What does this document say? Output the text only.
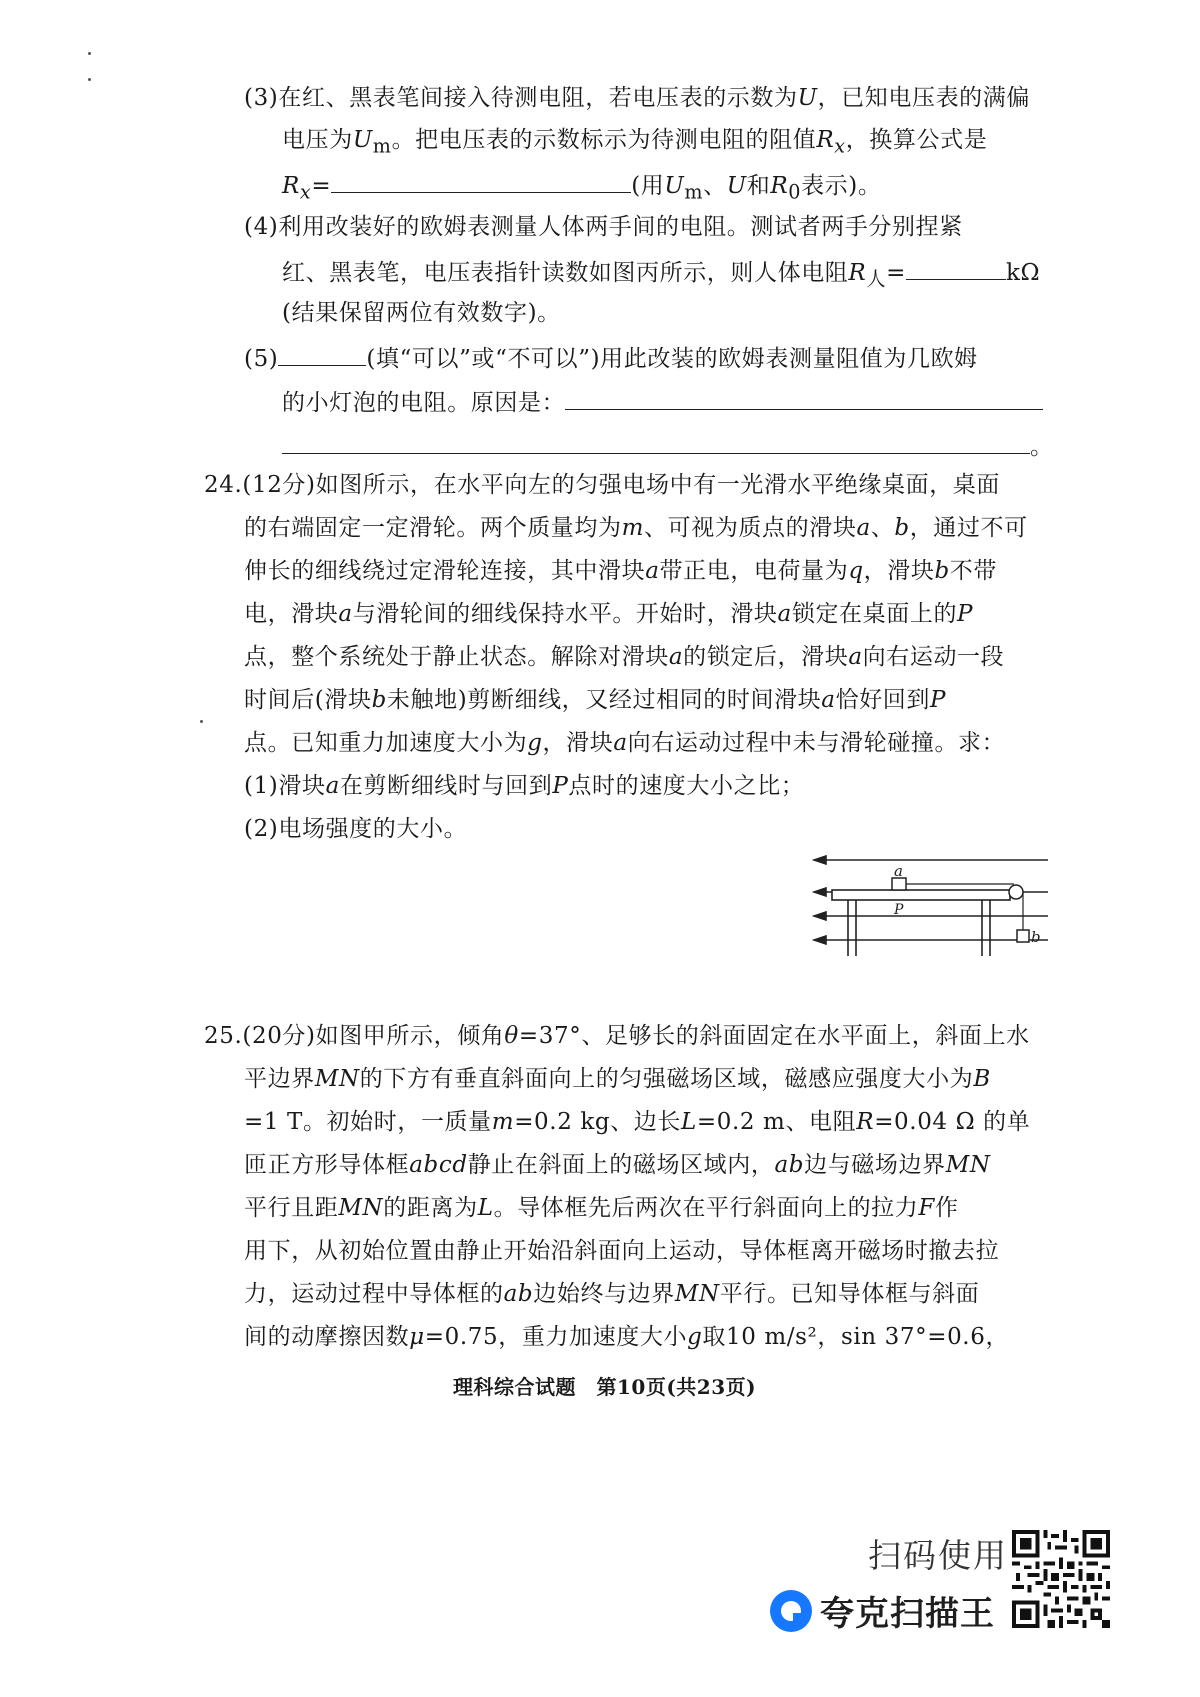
(3)在红、黑表笔间接入待测电阻，若电压表的示数为U，已知电压表的满偏
电压为$U_m$。把电压表的示数标示为待测电阻的阻值$R_x$，换算公式是
$R_x=$	(用$U_m$、U和$R_0$表示)。
(4)利用改装好的欧姆表测量人体两手间的电阻。测试者两手分别捏紧
红、黑表笔，电压表指针读数如图丙所示，则人体电阻$R_人=$	kΩ
(结果保留两位有效数字)。
(5)	(填“可以”或“不可以”)用此改装的欧姆表测量阻值为几欧姆
的小灯泡的电阻。原因是：
。
24.(12分)如图所示，在水平向左的匀强电场中有一光滑水平绝缘桌面，桌面
的右端固定一定滑轮。两个质量均为m、可视为质点的滑块a、b，通过不可
伸长的细线绕过定滑轮连接，其中滑块a带正电，电荷量为q，滑块b不带
电，滑块a与滑轮间的细线保持水平。开始时，滑块a锁定在桌面上的P
点，整个系统处于静止状态。解除对滑块a的锁定后，滑块a向右运动一段
时间后(滑块b未触地)剪断细线，又经过相同的时间滑块a恰好回到P
点。已知重力加速度大小为g，滑块a向右运动过程中未与滑轮碰撞。求：
(1)滑块a在剪断细线时与回到P点时的速度大小之比；
(2)电场强度的大小。
a
P
b
25.(20分)如图甲所示，倾角θ=37°、足够长的斜面固定在水平面上，斜面上水
平边界MN的下方有垂直斜面向上的匀强磁场区域，磁感应强度大小为B
=1 T。初始时，一质量m=0.2 kg、边长L=0.2 m、电阻R=0.04 Ω 的单
匝正方形导体框abcd静止在斜面上的磁场区域内，ab边与磁场边界MN
平行且距MN的距离为L。导体框先后两次在平行斜面向上的拉力F作
用下，从初始位置由静止开始沿斜面向上运动，导体框离开磁场时撤去拉
力，运动过程中导体框的ab边始终与边界MN平行。已知导体框与斜面
间的动摩擦因数μ=0.75，重力加速度大小g取10 m/s²，sin 37°=0.6，
理科综合试题　第10页(共23页)
扫码使用
夸克扫描王
